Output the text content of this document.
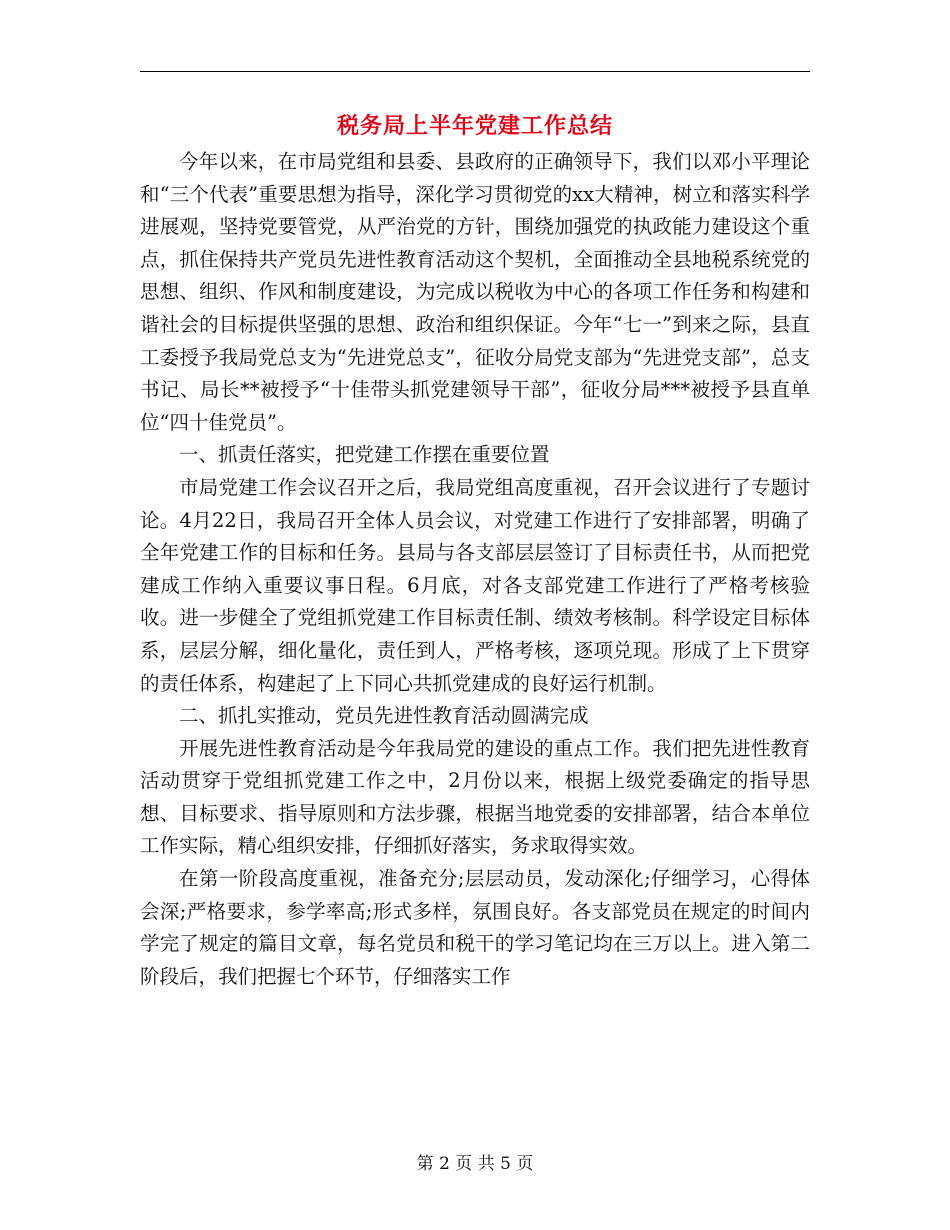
税务局上半年党建工作总结

今年以来，在市局党组和县委、县政府的正确领导下，我们以邓小平理论和“三个代表”重要思想为指导，深化学习贯彻党的xx大精神，树立和落实科学进展观，坚持党要管党，从严治党的方针，围绕加强党的执政能力建设这个重点，抓住保持共产党员先进性教育活动这个契机，全面推动全县地税系统党的思想、组织、作风和制度建设，为完成以税收为中心的各项工作任务和构建和谐社会的目标提供坚强的思想、政治和组织保证。今年“七一”到来之际，县直工委授予我局党总支为“先进党总支”，征收分局党支部为“先进党支部”，总支书记、局长**被授予“十佳带头抓党建领导干部”，征收分局***被授予县直单位“四十佳党员”。

一、抓责任落实，把党建工作摆在重要位置

市局党建工作会议召开之后，我局党组高度重视，召开会议进行了专题讨论。4月22日，我局召开全体人员会议，对党建工作进行了安排部署，明确了全年党建工作的目标和任务。县局与各支部层层签订了目标责任书，从而把党建成工作纳入重要议事日程。6月底，对各支部党建工作进行了严格考核验收。进一步健全了党组抓党建工作目标责任制、绩效考核制。科学设定目标体系，层层分解，细化量化，责任到人，严格考核，逐项兑现。形成了上下贯穿的责任体系，构建起了上下同心共抓党建成的良好运行机制。

二、抓扎实推动，党员先进性教育活动圆满完成

开展先进性教育活动是今年我局党的建设的重点工作。我们把先进性教育活动贯穿于党组抓党建工作之中，2月份以来，根据上级党委确定的指导思想、目标要求、指导原则和方法步骤，根据当地党委的安排部署，结合本单位工作实际，精心组织安排，仔细抓好落实，务求取得实效。

在第一阶段高度重视，准备充分;层层动员，发动深化;仔细学习，心得体会深;严格要求，参学率高;形式多样，氛围良好。各支部党员在规定的时间内学完了规定的篇目文章，每名党员和税干的学习笔记均在三万以上。进入第二阶段后，我们把握七个环节，仔细落实工作

第 2 页 共 5 页
